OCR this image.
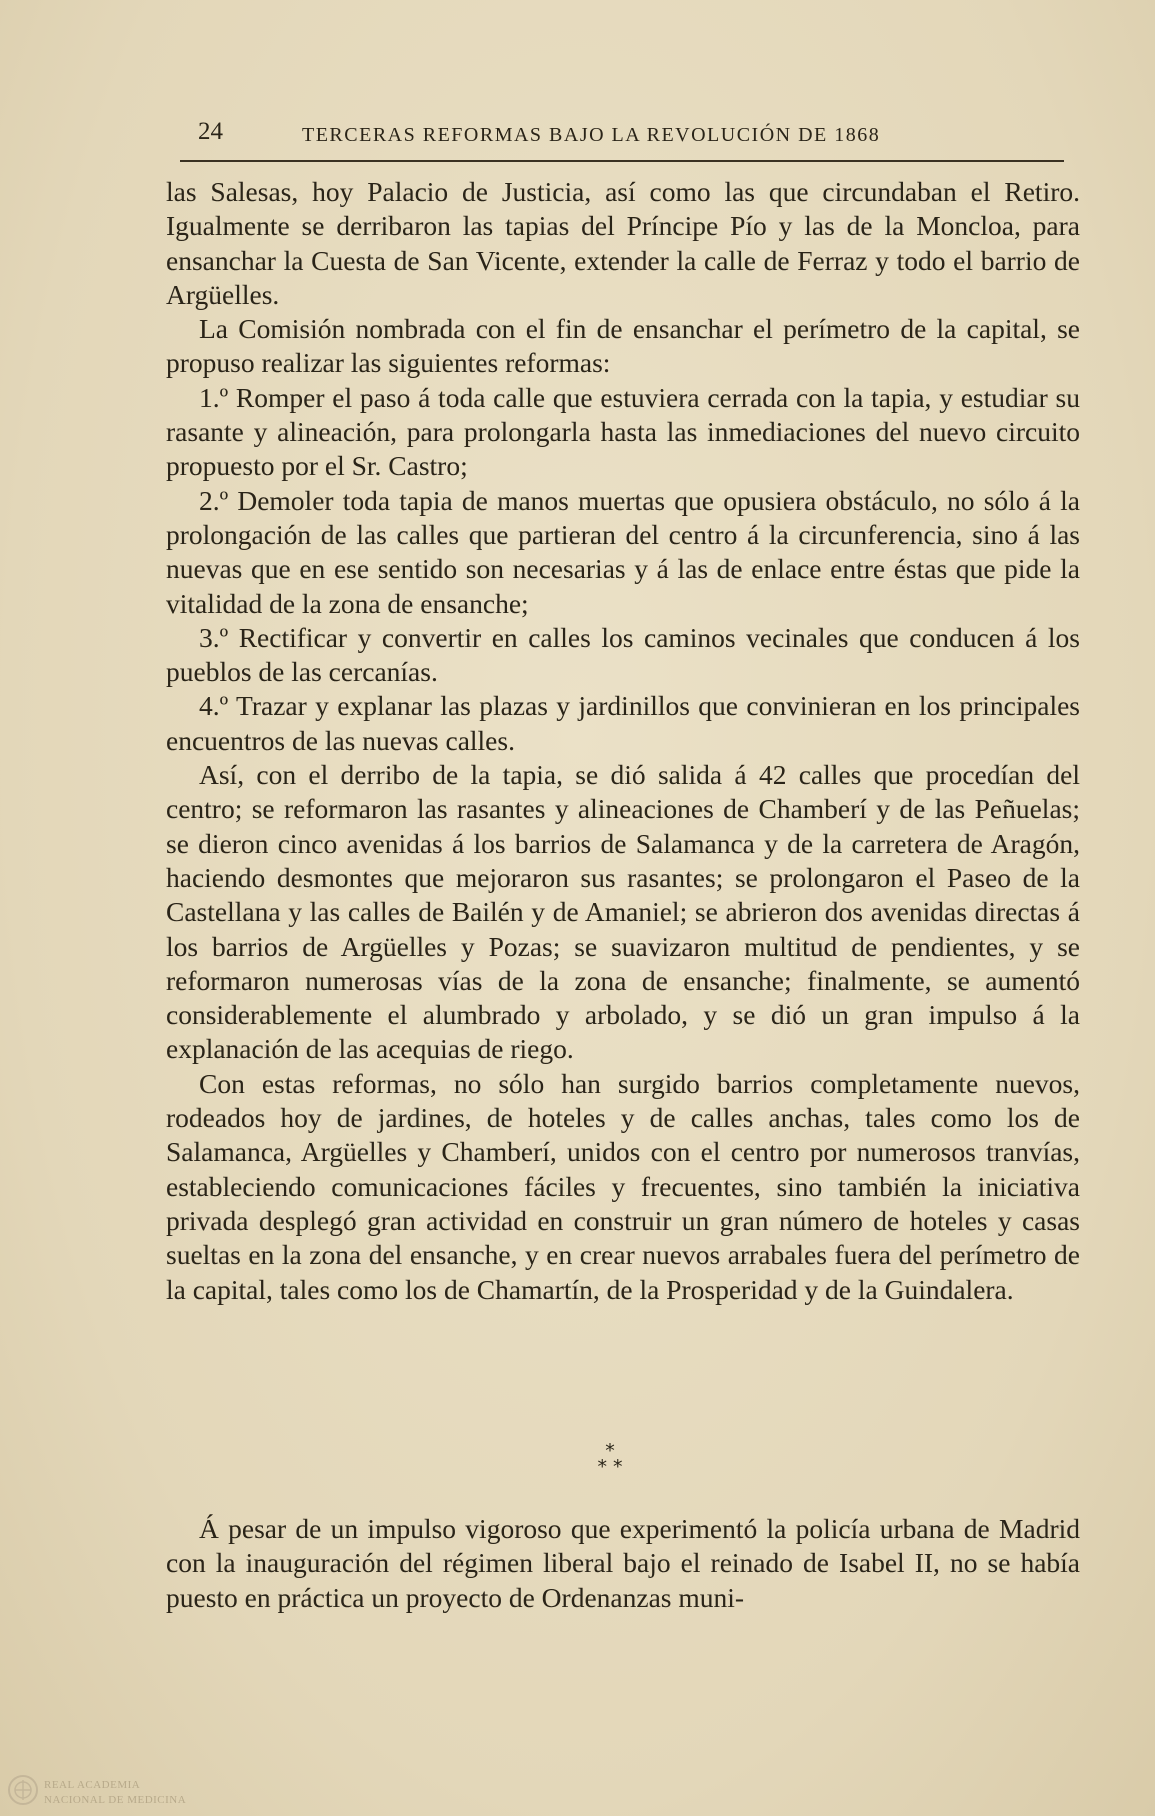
24	TERCERAS REFORMAS BAJO LA REVOLUCIÓN DE 1868

las Salesas, hoy Palacio de Justicia, así como las que circundaban el Retiro. Igualmente se derribaron las tapias del Príncipe Pío y las de la Moncloa, para ensanchar la Cuesta de San Vicente, extender la calle de Ferraz y todo el barrio de Argüelles.

La Comisión nombrada con el fin de ensanchar el perímetro de la capital, se propuso realizar las siguientes reformas:

1.º Romper el paso á toda calle que estuviera cerrada con la tapia, y estudiar su rasante y alineación, para prolongarla hasta las inmediaciones del nuevo circuito propuesto por el Sr. Castro;

2.º Demoler toda tapia de manos muertas que opusiera obstáculo, no sólo á la prolongación de las calles que partieran del centro á la circunferencia, sino á las nuevas que en ese sentido son necesarias y á las de enlace entre éstas que pide la vitalidad de la zona de ensanche;

3.º Rectificar y convertir en calles los caminos vecinales que conducen á los pueblos de las cercanías.

4.º Trazar y explanar las plazas y jardinillos que convinieran en los principales encuentros de las nuevas calles.

Así, con el derribo de la tapia, se dió salida á 42 calles que procedían del centro; se reformaron las rasantes y alineaciones de Chamberí y de las Peñuelas; se dieron cinco avenidas á los barrios de Salamanca y de la carretera de Aragón, haciendo desmontes que mejoraron sus rasantes; se prolongaron el Paseo de la Castellana y las calles de Bailén y de Amaniel; se abrieron dos avenidas directas á los barrios de Argüelles y Pozas; se suavizaron multitud de pendientes, y se reformaron numerosas vías de la zona de ensanche; finalmente, se aumentó considerablemente el alumbrado y arbolado, y se dió un gran impulso á la explanación de las acequias de riego.

Con estas reformas, no sólo han surgido barrios completamente nuevos, rodeados hoy de jardines, de hoteles y de calles anchas, tales como los de Salamanca, Argüelles y Chamberí, unidos con el centro por numerosos tranvías, estableciendo comunicaciones fáciles y frecuentes, sino también la iniciativa privada desplegó gran actividad en construir un gran número de hoteles y casas sueltas en la zona del ensanche, y en crear nuevos arrabales fuera del perímetro de la capital, tales como los de Chamartín, de la Prosperidad y de la Guindalera.

*
* *

Á pesar de un impulso vigoroso que experimentó la policía urbana de Madrid con la inauguración del régimen liberal bajo el reinado de Isabel II, no se había puesto en práctica un proyecto de Ordenanzas muni-

REAL ACADEMIA
NACIONAL DE MEDICINA
